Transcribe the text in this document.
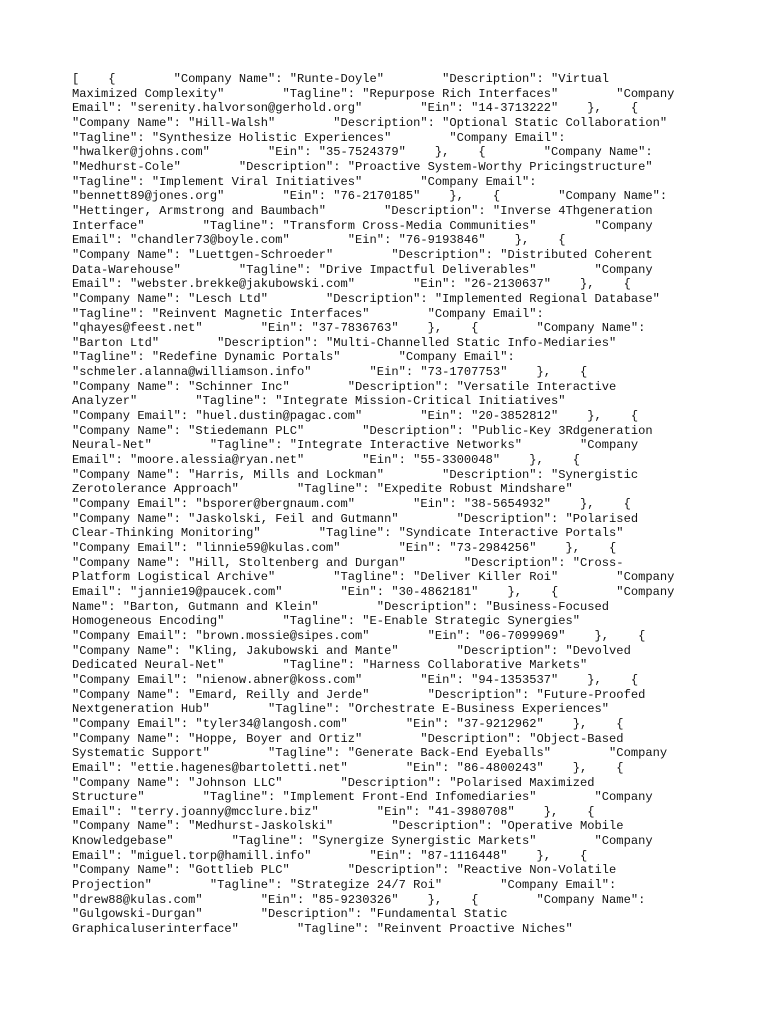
[    {        "Company Name": "Runte-Doyle"        "Description": "Virtual
Maximized Complexity"        "Tagline": "Repurpose Rich Interfaces"        "Company
Email": "serenity.halvorson@gerhold.org"        "Ein": "14-3713222"    },    {
"Company Name": "Hill-Walsh"        "Description": "Optional Static Collaboration"
"Tagline": "Synthesize Holistic Experiences"        "Company Email":
"hwalker@johns.com"        "Ein": "35-7524379"    },    {        "Company Name":
"Medhurst-Cole"        "Description": "Proactive System-Worthy Pricingstructure"
"Tagline": "Implement Viral Initiatives"        "Company Email":
"bennett89@jones.org"        "Ein": "76-2170185"    },    {        "Company Name":
"Hettinger, Armstrong and Baumbach"        "Description": "Inverse 4Thgeneration
Interface"        "Tagline": "Transform Cross-Media Communities"        "Company
Email": "chandler73@boyle.com"        "Ein": "76-9193846"    },    {
"Company Name": "Luettgen-Schroeder"        "Description": "Distributed Coherent
Data-Warehouse"        "Tagline": "Drive Impactful Deliverables"        "Company
Email": "webster.brekke@jakubowski.com"        "Ein": "26-2130637"    },    {
"Company Name": "Lesch Ltd"        "Description": "Implemented Regional Database"
"Tagline": "Reinvent Magnetic Interfaces"        "Company Email":
"qhayes@feest.net"        "Ein": "37-7836763"    },    {        "Company Name":
"Barton Ltd"        "Description": "Multi-Channelled Static Info-Mediaries"
"Tagline": "Redefine Dynamic Portals"        "Company Email":
"schmeler.alanna@williamson.info"        "Ein": "73-1707753"    },    {
"Company Name": "Schinner Inc"        "Description": "Versatile Interactive
Analyzer"        "Tagline": "Integrate Mission-Critical Initiatives"
"Company Email": "huel.dustin@pagac.com"        "Ein": "20-3852812"    },    {
"Company Name": "Stiedemann PLC"        "Description": "Public-Key 3Rdgeneration
Neural-Net"        "Tagline": "Integrate Interactive Networks"        "Company
Email": "moore.alessia@ryan.net"        "Ein": "55-3300048"    },    {
"Company Name": "Harris, Mills and Lockman"        "Description": "Synergistic
Zerotolerance Approach"        "Tagline": "Expedite Robust Mindshare"
"Company Email": "bsporer@bergnaum.com"        "Ein": "38-5654932"    },    {
"Company Name": "Jaskolski, Feil and Gutmann"        "Description": "Polarised
Clear-Thinking Monitoring"        "Tagline": "Syndicate Interactive Portals"
"Company Email": "linnie59@kulas.com"        "Ein": "73-2984256"    },    {
"Company Name": "Hill, Stoltenberg and Durgan"        "Description": "Cross-
Platform Logistical Archive"        "Tagline": "Deliver Killer Roi"        "Company
Email": "jannie19@paucek.com"        "Ein": "30-4862181"    },    {        "Company
Name": "Barton, Gutmann and Klein"        "Description": "Business-Focused
Homogeneous Encoding"        "Tagline": "E-Enable Strategic Synergies"
"Company Email": "brown.mossie@sipes.com"        "Ein": "06-7099969"    },    {
"Company Name": "Kling, Jakubowski and Mante"        "Description": "Devolved
Dedicated Neural-Net"        "Tagline": "Harness Collaborative Markets"
"Company Email": "nienow.abner@koss.com"        "Ein": "94-1353537"    },    {
"Company Name": "Emard, Reilly and Jerde"        "Description": "Future-Proofed
Nextgeneration Hub"        "Tagline": "Orchestrate E-Business Experiences"
"Company Email": "tyler34@langosh.com"        "Ein": "37-9212962"    },    {
"Company Name": "Hoppe, Boyer and Ortiz"        "Description": "Object-Based
Systematic Support"        "Tagline": "Generate Back-End Eyeballs"        "Company
Email": "ettie.hagenes@bartoletti.net"        "Ein": "86-4800243"    },    {
"Company Name": "Johnson LLC"        "Description": "Polarised Maximized
Structure"        "Tagline": "Implement Front-End Infomediaries"        "Company
Email": "terry.joanny@mcclure.biz"        "Ein": "41-3980708"    },    {
"Company Name": "Medhurst-Jaskolski"        "Description": "Operative Mobile
Knowledgebase"        "Tagline": "Synergize Synergistic Markets"        "Company
Email": "miguel.torp@hamill.info"        "Ein": "87-1116448"    },    {
"Company Name": "Gottlieb PLC"        "Description": "Reactive Non-Volatile
Projection"        "Tagline": "Strategize 24/7 Roi"        "Company Email":
"drew88@kulas.com"        "Ein": "85-9230326"    },    {        "Company Name":
"Gulgowski-Durgan"        "Description": "Fundamental Static
Graphicaluserinterface"        "Tagline": "Reinvent Proactive Niches"
